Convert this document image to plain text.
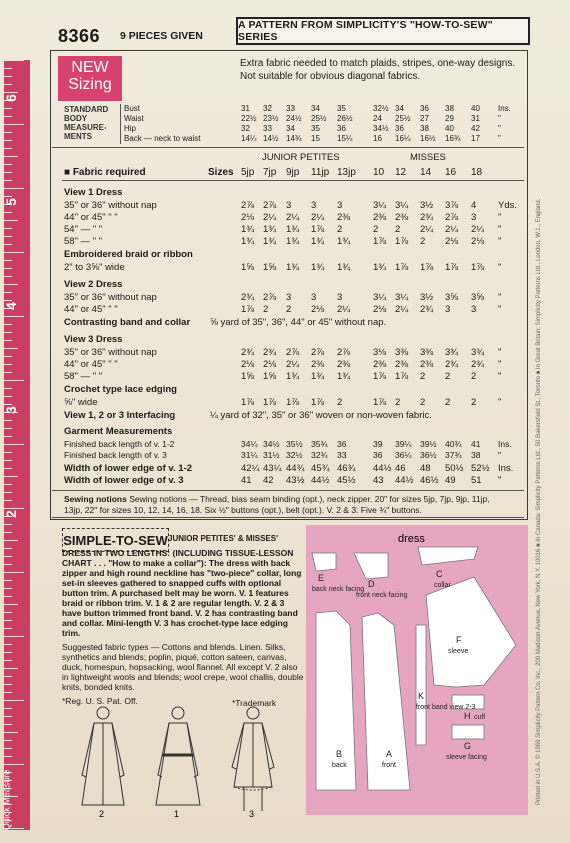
8366 9 PIECES GIVEN
A PATTERN FROM SIMPLICITY'S "HOW-TO-SEW" SERIES
6
5
4
3
2
Quick Measure
NEW
Sizing
Extra fabric needed to match plaids, stripes, one-way designs. Not suitable for obvious diagonal fabrics.
STANDARD
BODY
MEASURE-
MENTS
Bust	31 32 33 34 35	32½ 34 36 38 40 Ins.
Waist	22½ 23½ 24½ 25½ 26½	24 25½ 27 29 31 "
Hip	32 33 34 35 36	34½ 36 38 40 42 "
Back — neck to waist	14¼ 14½ 14¾ 15 15¼	16 16¼ 16½ 16¾ 17 "
JUNIOR PETITES	MISSES
■ Fabric required	Sizes 5jp 7jp 9jp 11jp 13jp 10 12 14 16 18
View 1 Dress
35" or 36" without nap	2⅞ 2⅞ 3 3 3	3¼ 3¼ 3½ 3⅞ 4 Yds.
44" or 45" " "	2⅛ 2¼ 2¼ 2¼ 2⅜ 2⅜ 2⅜ 2¾ 2⅞ 3 "
54" — " "	1¾ 1¾ 1¾ 1⅞ 2	2 2 2¼ 2¼ 2¼ "
58" — " "	1¾ 1¾ 1¾ 1¾ 1¾ 1⅞ 1⅞ 2 2⅛ 2⅛ "
Embroidered braid or ribbon
2" to 3⅝" wide	1⅝ 1⅝ 1¾ 1¾ 1¾ 1¾ 1⅞ 1⅞ 1⅞ 1⅞ "
View 2 Dress
35" or 36" without nap	2¾ 2⅞ 3 3 3	3¼ 3¼ 3½ 3⅝ 3⅝ "
44" or 45" " "	1⅞ 2 2 2⅛ 2¼ 2⅛ 2¼ 2¾ 3 3 "
Contrasting band and collar ⅝ yard of 35", 36", 44" or 45" without nap.
View 3 Dress
35" or 36" without nap	2¾ 2¾ 2⅞ 2⅞ 2⅞ 3⅛ 3⅜ 3⅜ 3¾ 3¾ "
44" or 45" " "	2⅛ 2⅛ 2¼ 2⅜ 2⅜ 2⅜ 2⅜ 2⅜ 2¾ 2¾ "
58" — " "	1⅝ 1⅝ 1¾ 1¾ 1¾ 1⅞ 1⅞ 2 2 2 "
Crochet type lace edging
⅝" wide	1⅞ 1⅞ 1⅞ 1⅞ 2	1⅞ 2 2 2 2 "
View 1, 2 or 3 Interfacing	¼ yard of 32", 35" or 36" woven or non-woven fabric.
Garment Measurements
Finished back length of v. 1-2	34¼ 34½ 35½ 35¾ 36	39 39¼ 39½ 40¾ 41 Ins.
Finished back length of v. 3	31¼ 31½ 32½ 32¾ 33	36 36¼ 36½ 37¾ 38 "
Width of lower edge of v. 1-2	42¼ 43¼ 44¾ 45¾ 46¾ 44½ 46 48 50½ 52½ Ins.
Width of lower edge of v. 3	41 42 43½ 44½ 45½ 43 44½ 46½ 49 51 "
Sewing notions Sewing notions — Thread, bias seam binding (opt.), neck zipper. 20" for sizes 5jp, 7jp, 9jp, 11jp,
13jp, 22" for sizes 10, 12, 14, 16, 18. Six ½" buttons (opt.), belt (opt.). V. 2 & 3: Five ¾" buttons.
SIMPLE-TO-SEW JUNIOR PETITES' & MISSES'
DRESS IN TWO LENGTHS: (INCLUDING TISSUE-LESSON CHART . . . "How to make a collar"): The dress with back zipper and high round neckline has "two-piece" collar, long set-in sleeves gathered to snapped cuffs with optional button trim. A purchased belt may be worn. V. 1 features braid or ribbon trim. V. 1 & 2 are regular length. V. 2 & 3 have button trimmed front band. V. 2 has contrasting band and collar. Mini-length V. 3 has crochet-type lace edging trim.
Suggested fabric types — Cottons and blends. Linen. Silks, synthetics and blends; poplin, piqué, cotton sateen, canvas, duck, homespun, hopsacking, wool flannel. All except V. 2 also in lightweight wools and blends; wool crepe, wool challis, double knits, bonded knits.
*Reg. U. S. Pat. Off.	*Trademark
2	1	3
dress
E
back neck facing
D
front neck facing
C
collar
F
sleeve
B
back
A
front
K
front band view 2-3
H cuff
G
sleeve facing	Printed in U.S.A. © 1969 Simplicity Pattern Co. Inc., 200 Madison Avenue, New York, N.Y. 10016 ■ In Canada: Simplicity Patterns Ltd., 50 Bakersfield St., Toronto ■ In Great Britain: Simplicity Patterns Ltd., London, W.1., England.
